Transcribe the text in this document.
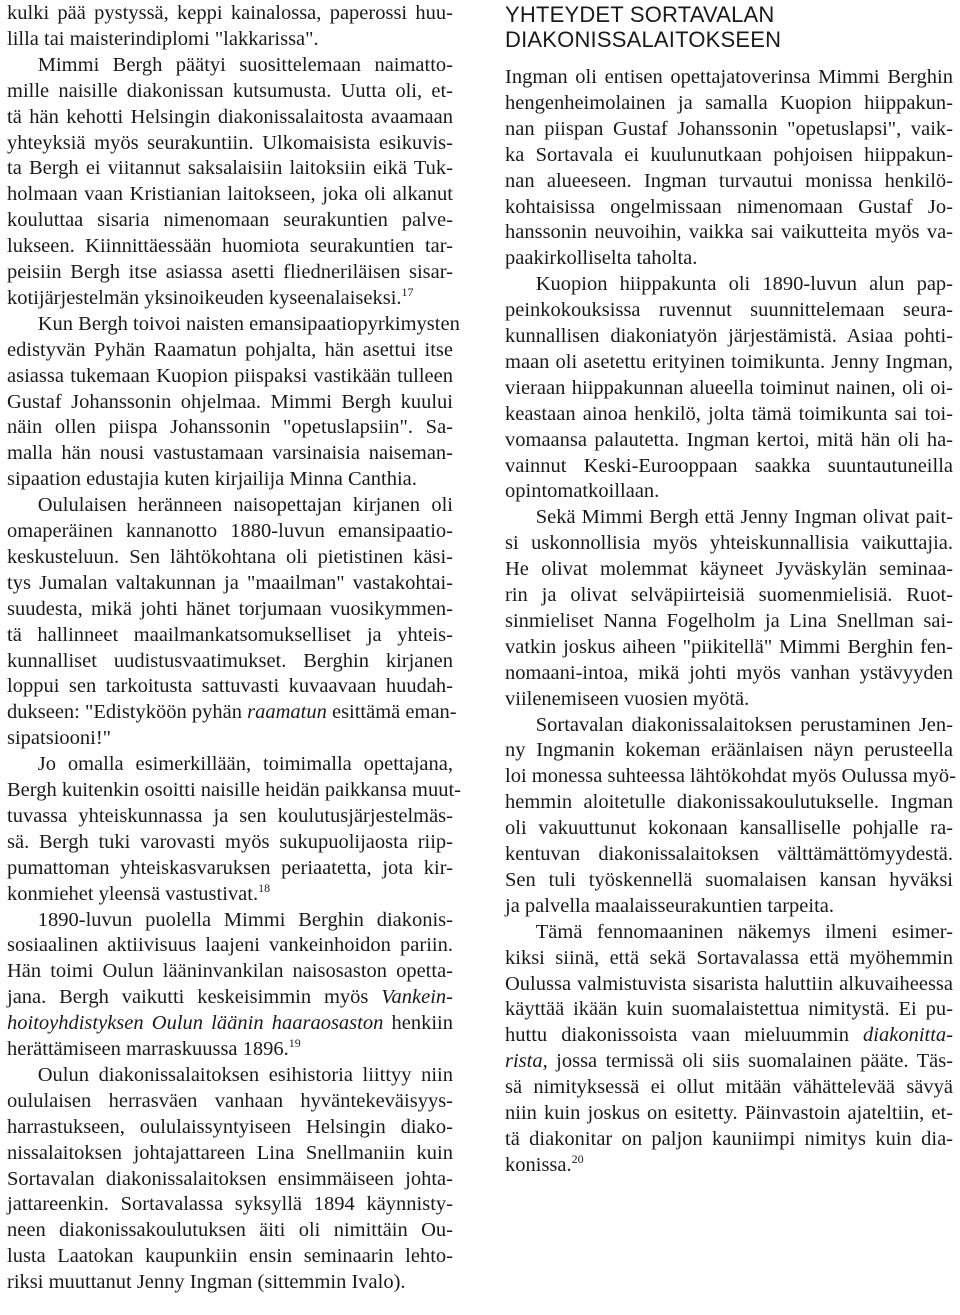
kulki pää pystyssä, keppi kainalossa, paperossi huu-
lilla tai maisterindiplomi "lakkarissa".
  Mimmi Bergh päätyi suosittelemaan naimatto-
mille naisille diakonissan kutsumusta. Uutta oli, et-
tä hän kehotti Helsingin diakonissalaitosta avaamaan
yhteyksiä myös seurakuntiin. Ulkomaisista esikuvis-
ta Bergh ei viitannut saksalaisiin laitoksiin eikä Tuk-
holmaan vaan Kristianian laitokseen, joka oli alkanut
kouluttaa sisaria nimenomaan seurakuntien palve-
lukseen. Kiinnittäessään huomiota seurakuntien tar-
peisiin Bergh itse asiassa asetti fliedneriläisen sisar-
kotijärjestelmän yksinoikeuden kyseenalaiseksi.$^{17}$
  Kun Bergh toivoi naisten emansipaatiopyrkimysten
edistyvän Pyhän Raamatun pohjalta, hän asettui itse
asiassa tukemaan Kuopion piispaksi vastikään tulleen
Gustaf Johanssonin ohjelmaa. Mimmi Bergh kuului
näin ollen piispa Johanssonin "opetuslapsiin". Sa-
malla hän nousi vastustamaan varsinaisia naiseman-
sipaation edustajia kuten kirjailija Minna Canthia.
  Oululaisen heränneen naisopettajan kirjanen oli
omaperäinen kannanotto 1880-luvun emansipaatio-
keskusteluun. Sen lähtökohtana oli pietistinen käsi-
tys Jumalan valtakunnan ja "maailman" vastakohtai-
suudesta, mikä johti hänet torjumaan vuosikymmen-
tä hallinneet maailmankatsomukselliset ja yhteis-
kunnalliset uudistusvaatimukset. Berghin kirjanen
loppui sen tarkoitusta sattuvasti kuvaavaan huudah-
dukseen: "Edistyköön pyhän raamatun esittämä eman-
sipatsiooni!"
  Jo omalla esimerkillään, toimimalla opettajana,
Bergh kuitenkin osoitti naisille heidän paikkansa muut-
tuvassa yhteiskunnassa ja sen koulutusjärjestelmäs-
sä. Bergh tuki varovasti myös sukupuolijaosta riip-
pumattoman yhteiskasvaruksen periaatetta, jota kir-
konmiehet yleensä vastustivat.$^{18}$
  1890-luvun puolella Mimmi Berghin diakonis-
sosiaalinen aktiivisuus laajeni vankeinhoidon pariin.
Hän toimi Oulun lääninvankilan naisosaston opetta-
jana. Bergh vaikutti keskeisimmin myös Vankein-
hoitoyhdistyksen Oulun läänin haaraosaston henkiin
herättämiseen marraskuussa 1896.19
  Oulun diakonissalaitoksen esihistoria liittyy niin
oululaisen herrasväen vanhaan hyväntekeväisyys-
harrastukseen, oululaissyntyiseen Helsingin diako-
nissalaitoksen johtajattareen Lina Snellmaniin kuin
Sortavalan diakonissalaitoksen ensimmäiseen johta-
jattareenkin. Sortavalassa syksyllä 1894 käynnisty-
neen diakonissakoulutuksen äiti oli nimittäin Ou-
lusta Laatokan kaupunkiin ensin seminaarin lehto-
riksi muuttanut Jenny Ingman (sittemmin Ivalo).
YHTEYDET SORTAVALAN
DIAKONISSALAITOKSEEN
Ingman oli entisen opettajatoverinsa Mimmi Berghin
hengenheimolainen ja samalla Kuopion hiippakun-
nan piispan Gustaf Johanssonin "opetuslapsi", vaik-
ka Sortavala ei kuulunutkaan pohjoisen hiippakun-
nan alueeseen. Ingman turvautui monissa henkilö-
kohtaisissa ongelmissaan nimenomaan Gustaf Jo-
hanssonin neuvoihin, vaikka sai vaikutteita myös va-
paakirkolliselta taholta.
  Kuopion hiippakunta oli 1890-luvun alun pap-
peinkokouksissa ruvennut suunnittelemaan seura-
kunnallisen diakoniatyön järjestämistä. Asiaa pohti-
maan oli asetettu erityinen toimikunta. Jenny Ingman,
vieraan hiippakunnan alueella toiminut nainen, oli oi-
keastaan ainoa henkilö, jolta tämä toimikunta sai toi-
vomaansa palautetta. Ingman kertoi, mitä hän oli ha-
vainnut Keski-Eurooppaan saakka suuntautuneilla
opintomatkoillaan.
  Sekä Mimmi Bergh että Jenny Ingman olivat pait-
si uskonnollisia myös yhteiskunnallisia vaikuttajia.
He olivat molemmat käyneet Jyväskylän seminaa-
rin ja olivat selväpiirteisiä suomenmielisiä. Ruot-
sinmieliset Nanna Fogelholm ja Lina Snellman sai-
vatkin joskus aiheen "piikitellä" Mimmi Berghin fen-
nomaani-intoa, mikä johti myös vanhan ystävyyden
viilenemiseen vuosien myötä.
  Sortavalan diakonissalaitoksen perustaminen Jen-
ny Ingmanin kokeman eräänlaisen näyn perusteella
loi monessa suhteessa lähtökohdat myös Oulussa myö-
hemmin aloitetulle diakonissakoulutukselle. Ingman
oli vakuuttunut kokonaan kansalliselle pohjalle ra-
kentuvan diakonissalaitoksen välttämättömyydestä.
Sen tuli työskennellä suomalaisen kansan hyväksi
ja palvella maalaisseurakuntien tarpeita.
  Tämä fennomaaninen näkemys ilmeni esimer-
kiksi siinä, että sekä Sortavalassa että myöhemmin
Oulussa valmistuvista sisarista haluttiin alkuvaiheessa
käyttää ikään kuin suomalaistettua nimitystä. Ei pu-
huttu diakonissoista vaan mieluummin diakonitta-
rista, jossa termissä oli siis suomalainen pääte. Täs-
sä nimityksessä ei ollut mitään vähättelevää sävyä
niin kuin joskus on esitetty. Päinvastoin ajateltiin, et-
tä diakonitar on paljon kauniimpi nimitys kuin dia-
konissa.$^{20}$
